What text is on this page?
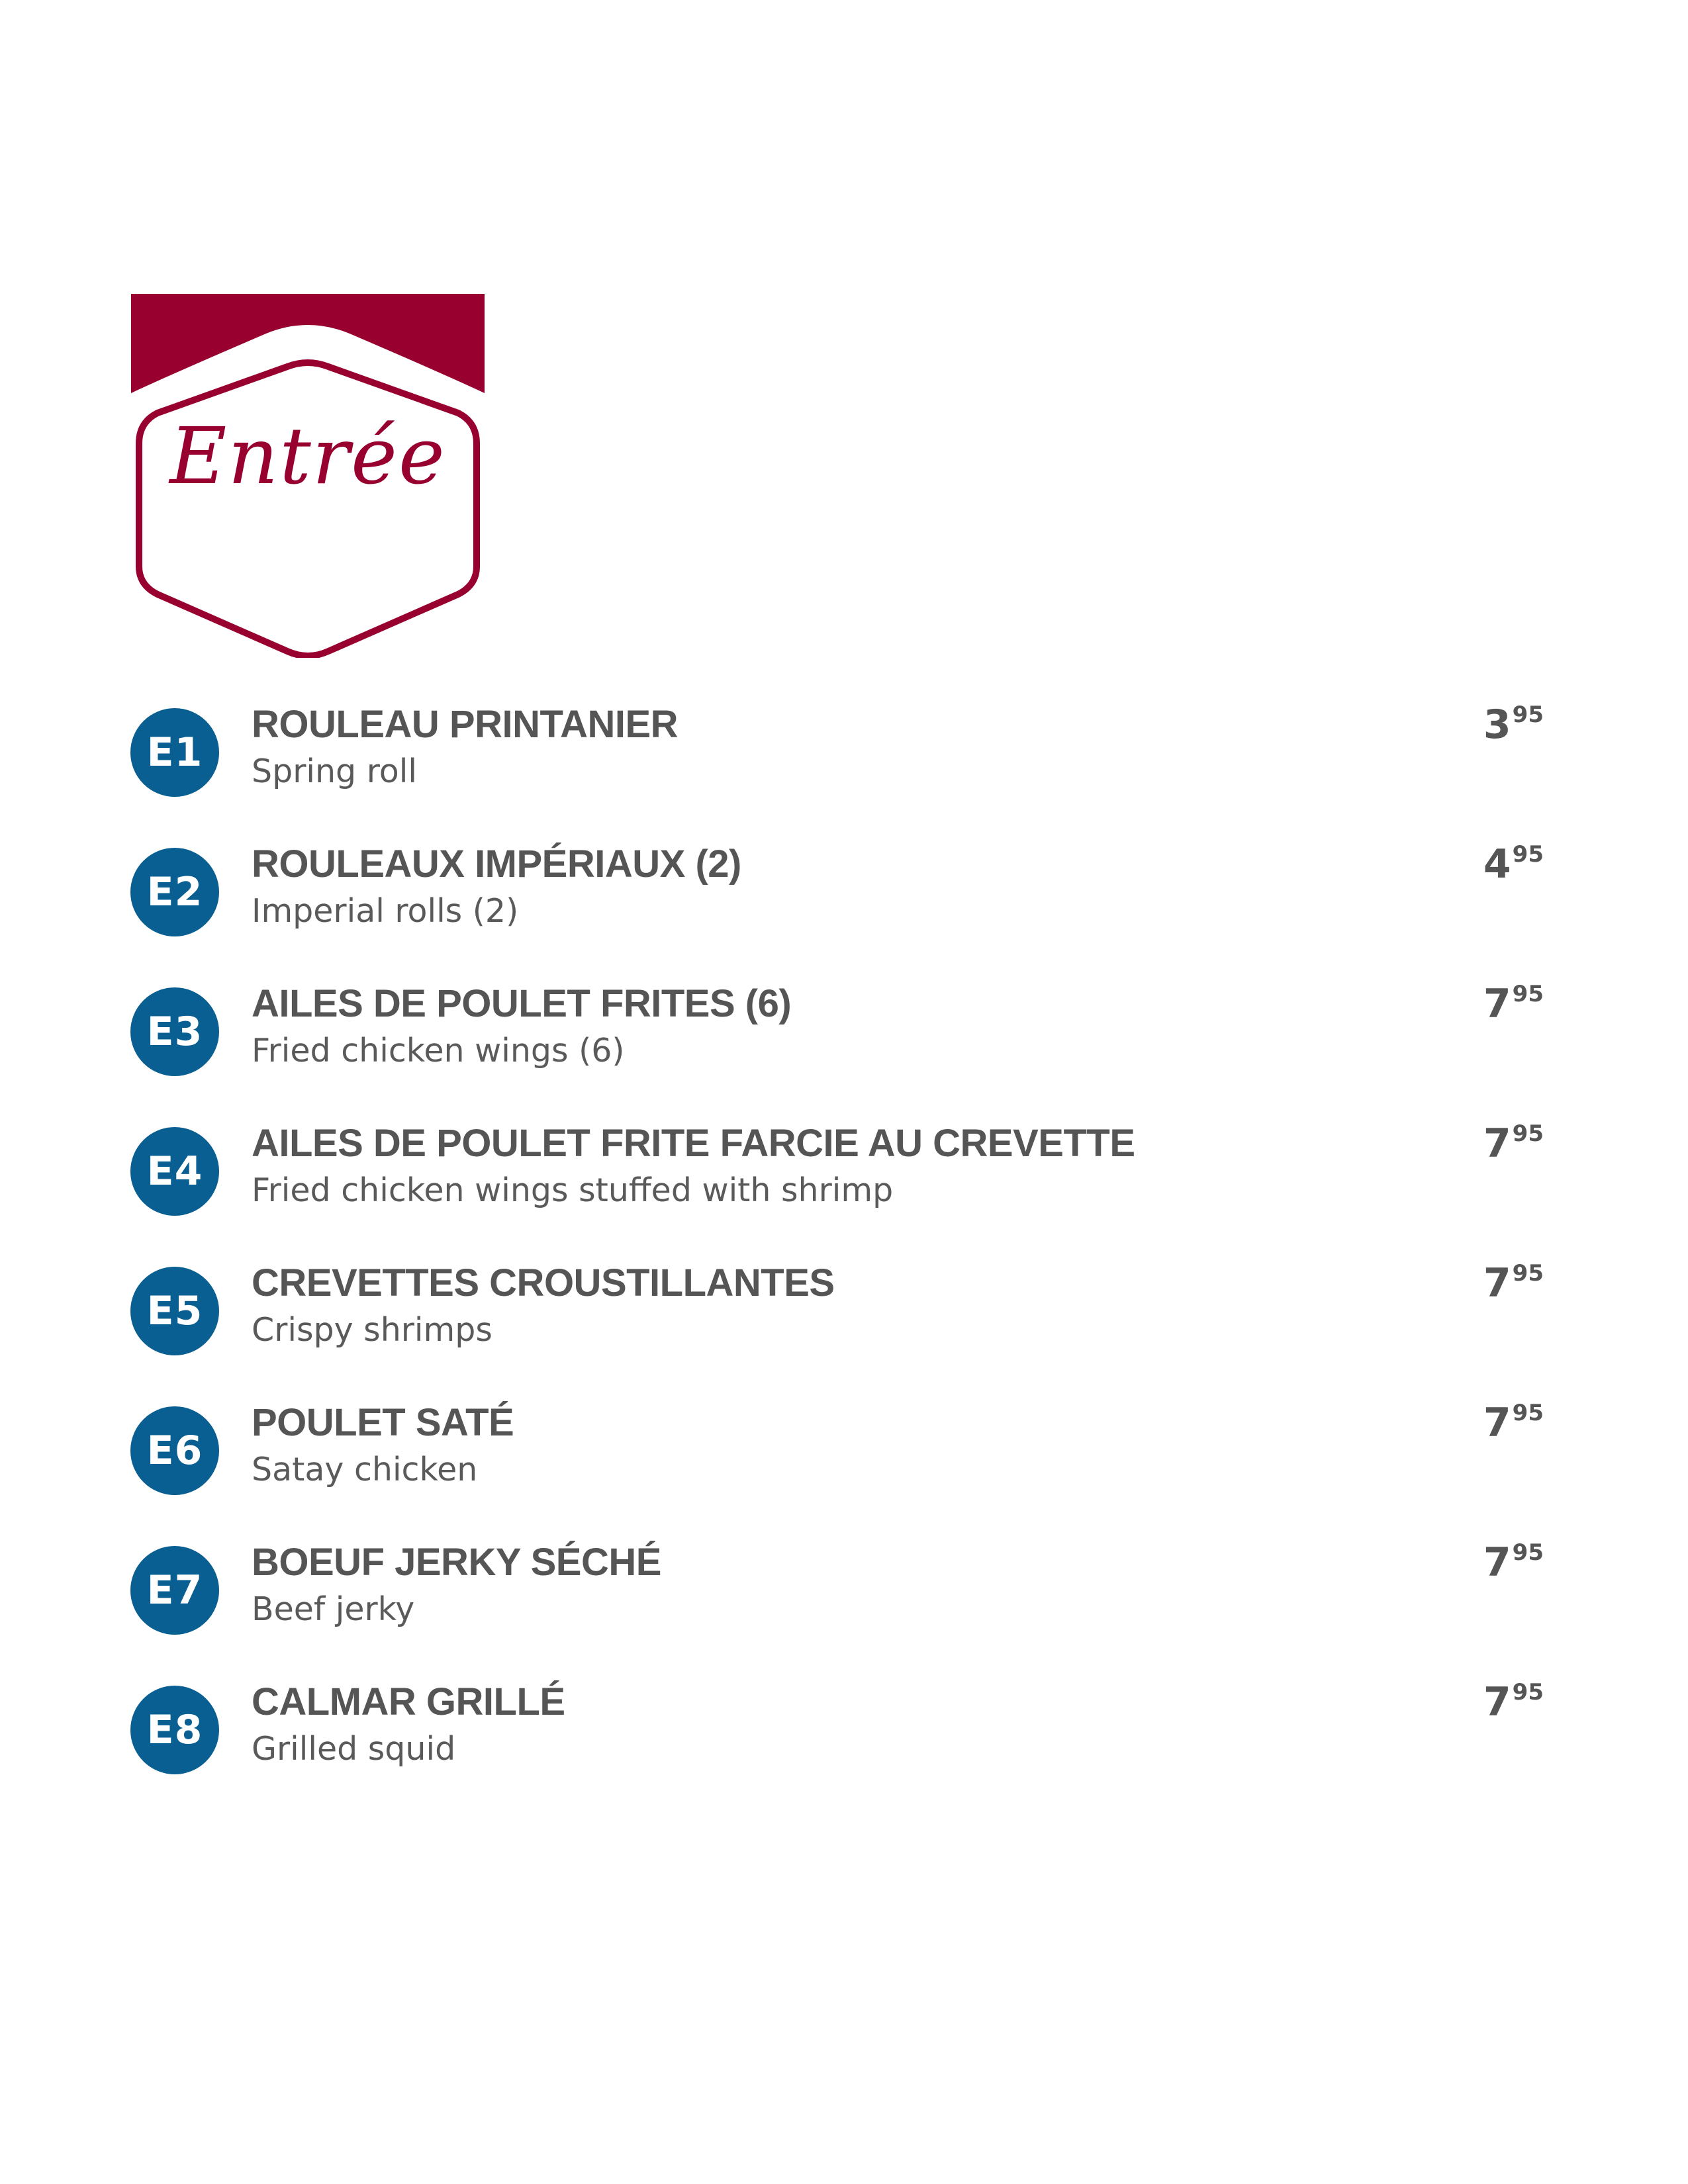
Entrée
E1
ROULEAU PRINTANIER
Spring roll
$3^{95}$
E2
ROULEAUX IMPÉRIAUX (2)
Imperial rolls (2)
$4^{95}$
E3
AILES DE POULET FRITES (6)
Fried chicken wings (6)
$7^{95}$
E4
AILES DE POULET FRITE FARCIE AU CREVETTE
Fried chicken wings stuffed with shrimp
$7^{95}$
E5
CREVETTES CROUSTILLANTES
Crispy shrimps
$7^{95}$
E6
POULET SATÉ
Satay chicken
$7^{95}$
E7
BOEUF JERKY SÉCHÉ
Beef jerky
$7^{95}$
E8
CALMAR GRILLÉ
Grilled squid
$7^{95}$
